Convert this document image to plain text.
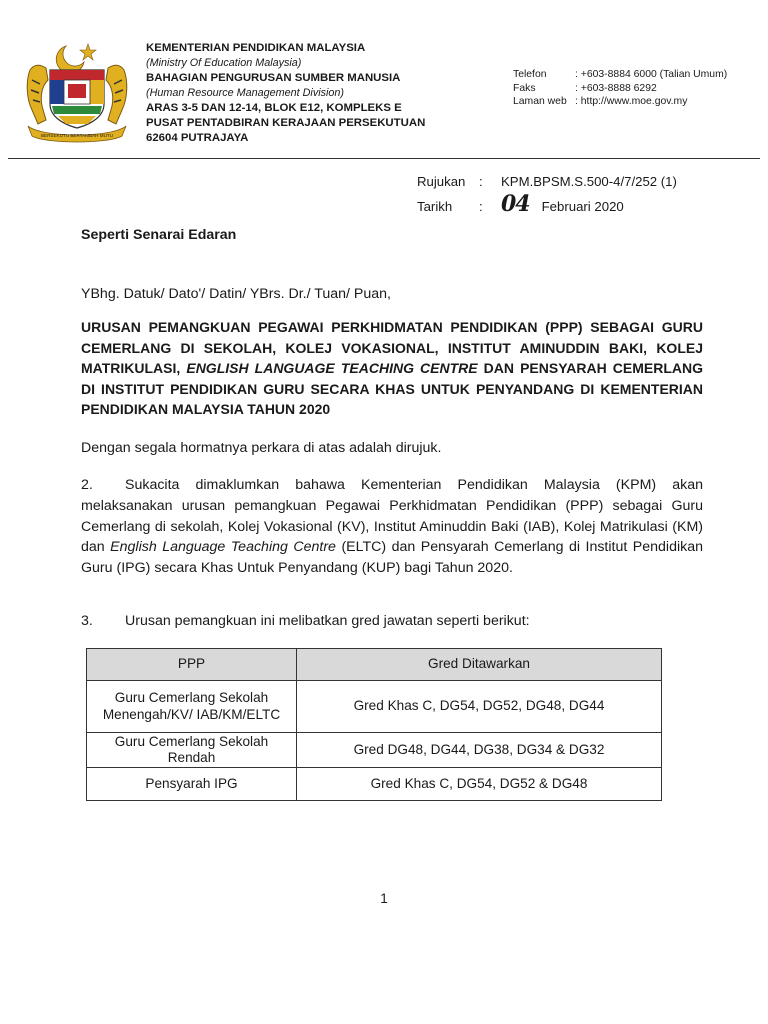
BERSEKUTU BERTAMBAH MUTU
KEMENTERIAN PENDIDIKAN MALAYSIA
(Ministry Of Education Malaysia)
BAHAGIAN PENGURUSAN SUMBER MANUSIA
(Human Resource Management Division)
ARAS 3-5 DAN 12-14, BLOK E12, KOMPLEKS E
PUSAT PENTADBIRAN KERAJAAN PERSEKUTUAN
62604 PUTRAJAYA
Telefon	: +603-8884 6000 (Talian Umum)
Faks	: +603-8888 6292
Laman web : http://www.moe.gov.my
Rujukan	:	KPM.BPSM.S.500-4/7/252 (1)
Tarikh	: 04 Februari 2020
Seperti Senarai Edaran
YBhg. Datuk/ Dato'/ Datin/ YBrs. Dr./ Tuan/ Puan,
URUSAN PEMANGKUAN PEGAWAI PERKHIDMATAN PENDIDIKAN (PPP) SEBAGAI GURU CEMERLANG DI SEKOLAH, KOLEJ VOKASIONAL, INSTITUT AMINUDDIN BAKI, KOLEJ MATRIKULASI, ENGLISH LANGUAGE TEACHING CENTRE DAN PENSYARAH CEMERLANG DI INSTITUT PENDIDIKAN GURU SECARA KHAS UNTUK PENYANDANG DI KEMENTERIAN PENDIDIKAN MALAYSIA TAHUN 2020
Dengan segala hormatnya perkara di atas adalah dirujuk.
2. Sukacita dimaklumkan bahawa Kementerian Pendidikan Malaysia (KPM) akan melaksanakan urusan pemangkuan Pegawai Perkhidmatan Pendidikan (PPP) sebagai Guru Cemerlang di sekolah, Kolej Vokasional (KV), Institut Aminuddin Baki (IAB), Kolej Matrikulasi (KM) dan English Language Teaching Centre (ELTC) dan Pensyarah Cemerlang di Institut Pendidikan Guru (IPG) secara Khas Untuk Penyandang (KUP) bagi Tahun 2020.
3. Urusan pemangkuan ini melibatkan gred jawatan seperti berikut:
PPP	Gred Ditawarkan
Guru Cemerlang Sekolah Menengah/KV/ IAB/KM/ELTC	Gred Khas C, DG54, DG52, DG48, DG44
Guru Cemerlang Sekolah Rendah	Gred DG48, DG44, DG38, DG34 & DG32
Pensyarah IPG	Gred Khas C, DG54, DG52 & DG48
1
